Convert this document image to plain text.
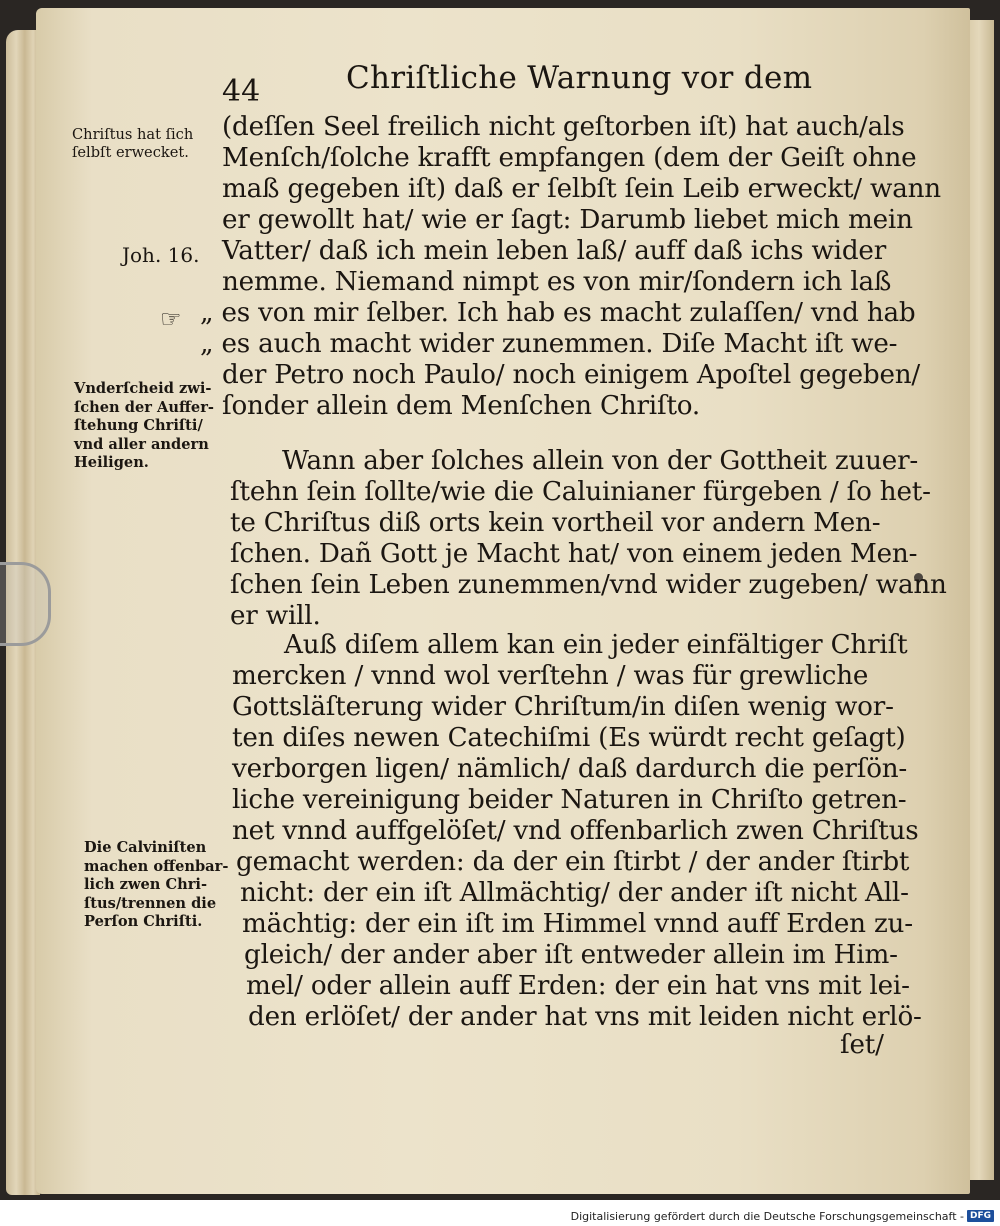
44	Chriſtliche Warnung vor dem
Chriſtus hat ſich
ſelbſt erwecket.
Joh. 16.
☞
Vnderſcheid zwi-
ſchen der Auffer-
ſtehung Chriſti/
vnd aller andern
Heiligen.
Die Calviniſten
machen offenbar-
lich zwen Chri-
ſtus/trennen die
Perſon Chriſti.
(deſſen Seel freilich nicht geſtorben iſt) hat auch/als
Menſch/ſolche krafft empfangen (dem der Geiſt ohne
maß gegeben iſt) daß er ſelbſt ſein Leib erweckt/ wann
er gewollt hat/ wie er ſagt: Darumb liebet mich mein
Vatter/ daß ich mein leben laß/ auff daß ichs wider
nemme. Niemand nimpt es von mir/ſondern ich laß
„ es von mir ſelber. Ich hab es macht zulaſſen/ vnd hab
„ es auch macht wider zunemmen. Diſe Macht iſt we-
der Petro noch Paulo/ noch einigem Apoſtel gegeben/
ſonder allein dem Menſchen Chriſto.
Wann aber ſolches allein von der Gottheit zuuer-
ſtehn ſein ſollte/wie die Caluinianer fürgeben / ſo het-
te Chriſtus diß orts kein vortheil vor andern Men-
ſchen. Dañ Gott je Macht hat/ von einem jeden Men-
ſchen ſein Leben zunemmen/vnd wider zugeben/ wann
er will.
Auß diſem allem kan ein jeder einfältiger Chriſt
mercken / vnnd wol verſtehn / was für grewliche
Gottsläſterung wider Chriſtum/in diſen wenig wor-
ten diſes newen Catechiſmi (Es würdt recht geſagt)
verborgen ligen/ nämlich/ daß dardurch die perſön-
liche vereinigung beider Naturen in Chriſto getren-
net vnnd auffgelöſet/ vnd offenbarlich zwen Chriſtus
gemacht werden: da der ein ſtirbt / der ander ſtirbt
nicht: der ein iſt Allmächtig/ der ander iſt nicht All-
mächtig: der ein iſt im Himmel vnnd auff Erden zu-
gleich/ der ander aber iſt entweder allein im Him-
mel/ oder allein auff Erden: der ein hat vns mit lei-
den erlöſet/ der ander hat vns mit leiden nicht erlö-
ſet/
Digitalisierung gefördert durch die Deutsche Forschungsgemeinschaft - DFG
